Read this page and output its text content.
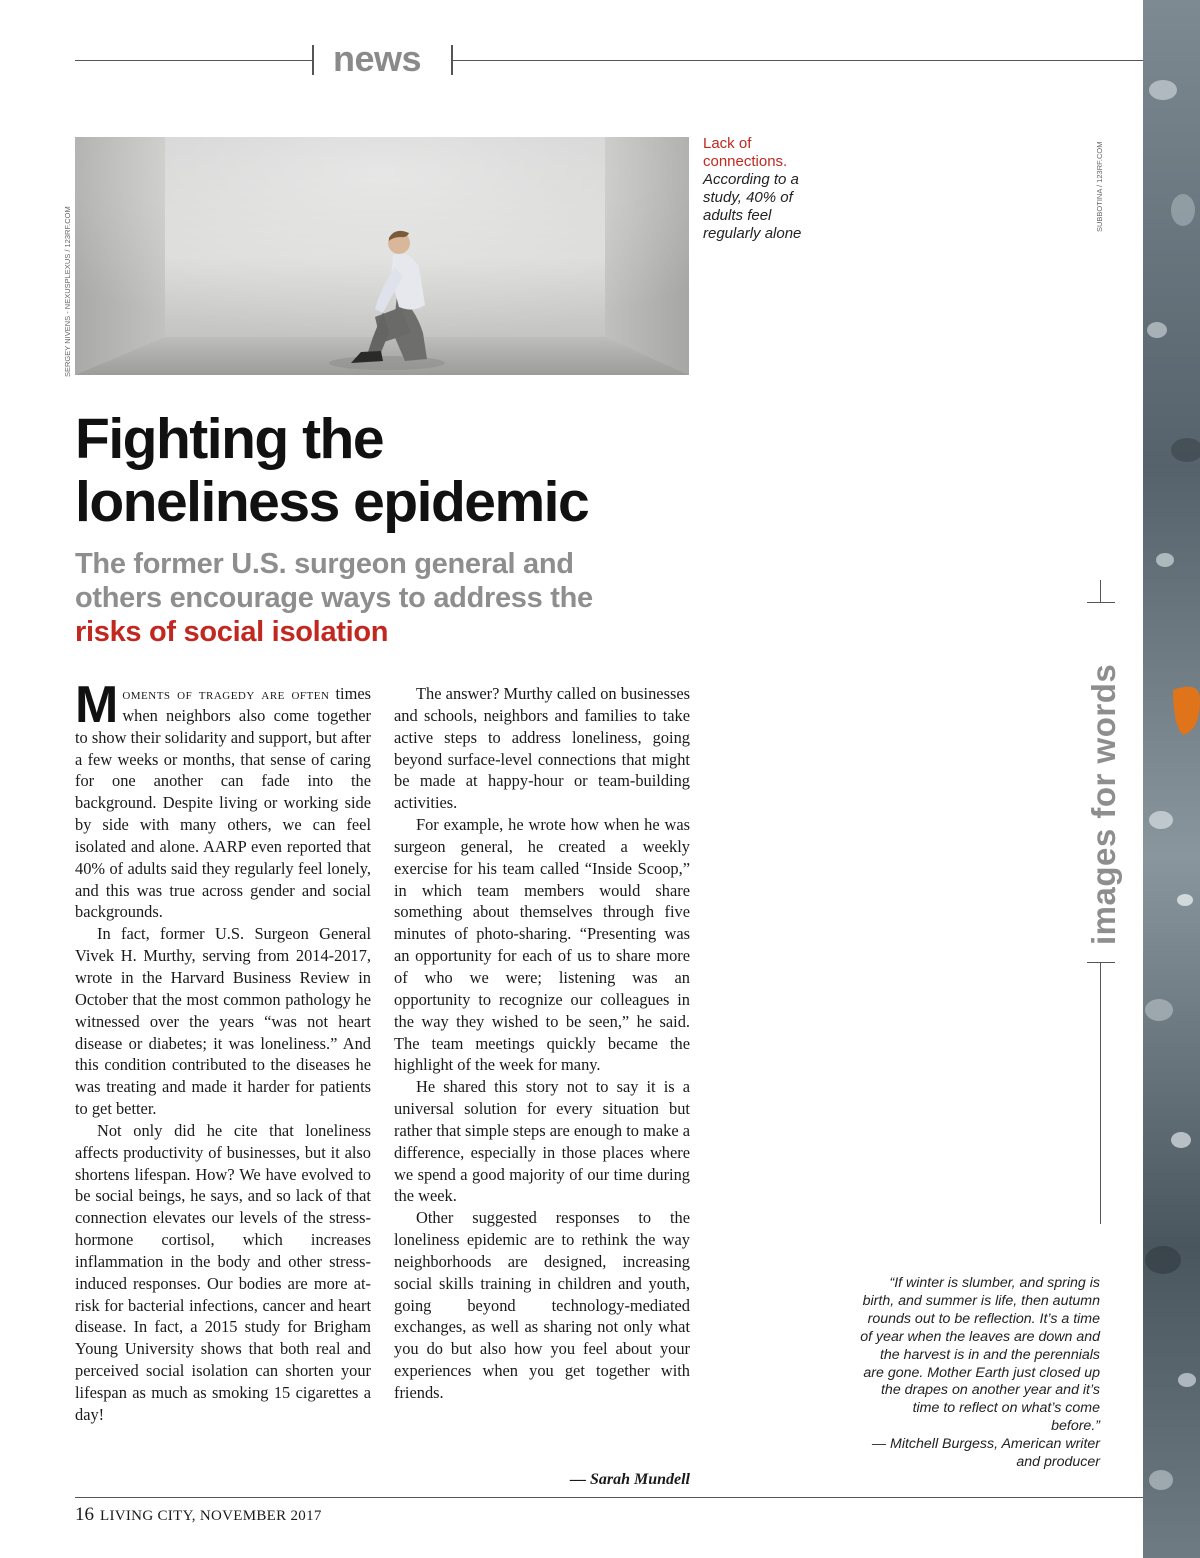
news
SERGEY NIVENS - NEXUSPLEXUS / 123RF.COM
Lack of connections.
According to a study, 40% of adults feel regularly alone
SUBBOTINA / 123RF.COM
Fighting the
loneliness epidemic
The former U.S. surgeon general and others encourage ways to address the risks of social isolation

Moments of tragedy are often times when neighbors also come together to show their solidarity and support, but after a few weeks or months, that sense of caring for one another can fade into the background. Despite living or working side by side with many others, we can feel isolated and alone. AARP even reported that 40% of adults said they regularly feel lonely, and this was true across gender and social backgrounds.

In fact, former U.S. Surgeon General Vivek H. Murthy, serving from 2014-2017, wrote in the Harvard Business Review in October that the most common pathology he witnessed over the years “was not heart disease or diabetes; it was loneliness.” And this condition contributed to the diseases he was treating and made it harder for patients to get better.

Not only did he cite that loneliness affects productivity of businesses, but it also shortens lifespan. How? We have evolved to be social beings, he says, and so lack of that connection elevates our levels of the stress-hormone cortisol, which increases inflammation in the body and other stress-induced responses. Our bodies are more at-risk for bacterial infections, cancer and heart disease. In fact, a 2015 study for Brigham Young University shows that both real and perceived social isolation can shorten your lifespan as much as smoking 15 cigarettes a day!

The answer? Murthy called on businesses and schools, neighbors and families to take active steps to address loneliness, going beyond surface-level connections that might be made at happy-hour or team-building activities.

For example, he wrote how when he was surgeon general, he created a weekly exercise for his team called “Inside Scoop,” in which team members would share something about themselves through five minutes of photo-sharing. “Presenting was an opportunity for each of us to share more of who we were; listening was an opportunity to recognize our colleagues in the way they wished to be seen,” he said. The team meetings quickly became the highlight of the week for many.

He shared this story not to say it is a universal solution for every situation but rather that simple steps are enough to make a difference, especially in those places where we spend a good majority of our time during the week.

Other suggested responses to the loneliness epidemic are to rethink the way neighborhoods are designed, increasing social skills training in children and youth, going beyond technology-mediated exchanges, as well as sharing not only what you do but also how you feel about your experiences when you get together with friends.

— Sarah Mundell
images for words
“If winter is slumber, and spring is birth, and summer is life, then autumn rounds out to be reflection. It’s a time of year when the leaves are down and the harvest is in and the perennials are gone. Mother Earth just closed up the drapes on another year and it’s time to reflect on what’s come before.”
— Mitchell Burgess, American writer and producer
16 LIVING CITY, NOVEMBER 2017
